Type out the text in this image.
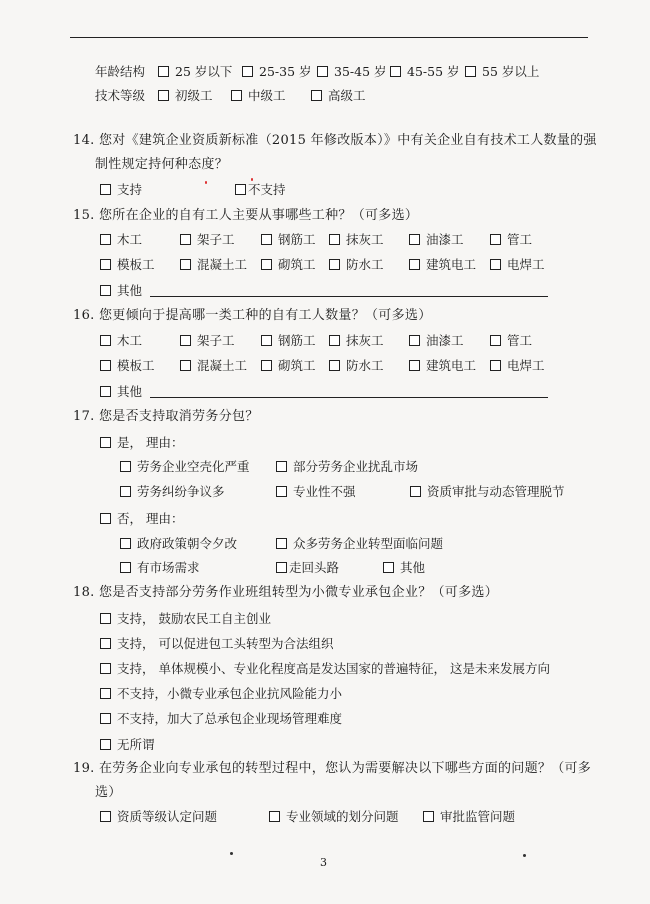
年龄结构	25 岁以下	25-35 岁	35-45 岁	45-55 岁	55 岁以上
技术等级	初级工	中级工	高级工
14. 您对《建筑企业资质新标准（2015 年修改版本）》中有关企业自有技术工人数量的强
制性规定持何种态度？
支持	不支持
15. 您所在企业的自有工人主要从事哪些工种？（可多选）
木工	架子工	钢筋工	抹灰工	油漆工	管工
模板工	混凝土工	砌筑工	防水工	建筑电工	电焊工
其他
16. 您更倾向于提高哪一类工种的自有工人数量？（可多选）
木工	架子工	钢筋工	抹灰工	油漆工	管工
模板工	混凝土工	砌筑工	防水工	建筑电工	电焊工
其他
17. 您是否支持取消劳务分包？
是， 理由：
劳务企业空壳化严重	部分劳务企业扰乱市场
劳务纠纷争议多	专业性不强	资质审批与动态管理脱节
否， 理由：
政府政策朝令夕改	众多劳务企业转型面临问题
有市场需求	走回头路	其他
18. 您是否支持部分劳务作业班组转型为小微专业承包企业？（可多选）
支持， 鼓励农民工自主创业
支持， 可以促进包工头转型为合法组织
支持， 单体规模小、专业化程度高是发达国家的普遍特征， 这是未来发展方向
不支持，小微专业承包企业抗风险能力小
不支持，加大了总承包企业现场管理难度
无所谓
19. 在劳务企业向专业承包的转型过程中，您认为需要解决以下哪些方面的问题？（可多
选）
资质等级认定问题	专业领域的划分问题	审批监管问题
3
